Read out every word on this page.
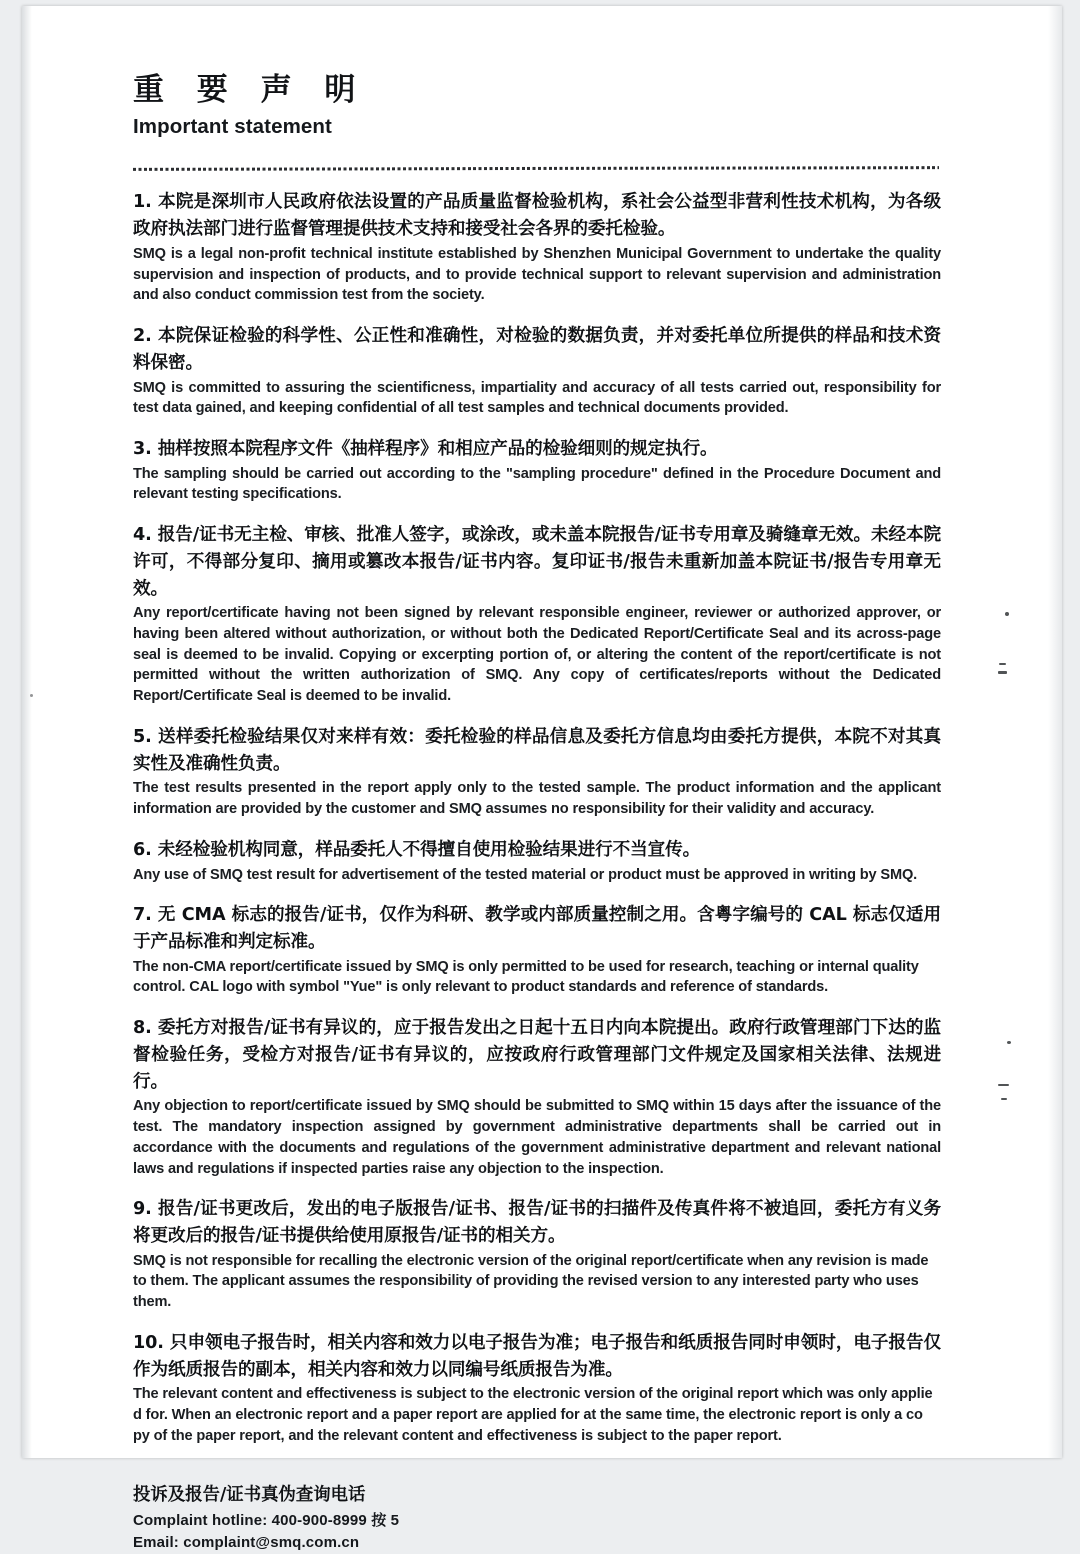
重 要 声 明
Important statement

1. 本院是深圳市人民政府依法设置的产品质量监督检验机构，系社会公益型非营利性技术机构，为各级政府执法部门进行监督管理提供技术支持和接受社会各界的委托检验。

SMQ is a legal non-profit technical institute established by Shenzhen Municipal Government to undertake the quality supervision and inspection of products, and to provide technical support to relevant supervision and administration and also conduct commission test from the society.

2. 本院保证检验的科学性、公正性和准确性，对检验的数据负责，并对委托单位所提供的样品和技术资料保密。

SMQ is committed to assuring the scientificness, impartiality and accuracy of all tests carried out, responsibility for test data gained, and keeping confidential of all test samples and technical documents provided.

3. 抽样按照本院程序文件《抽样程序》和相应产品的检验细则的规定执行。

The sampling should be carried out according to the "sampling procedure" defined in the Procedure Document and relevant testing specifications.

4. 报告/证书无主检、审核、批准人签字，或涂改，或未盖本院报告/证书专用章及骑缝章无效。未经本院许可，不得部分复印、摘用或篡改本报告/证书内容。复印证书/报告未重新加盖本院证书/报告专用章无效。

Any report/certificate having not been signed by relevant responsible engineer, reviewer or authorized approver, or having been altered without authorization, or without both the Dedicated Report/Certificate Seal and its across-page seal is deemed to be invalid. Copying or excerpting portion of, or altering the content of the report/certificate is not permitted without the written authorization of SMQ. Any copy of certificates/reports without the Dedicated Report/Certificate Seal is deemed to be invalid.

5. 送样委托检验结果仅对来样有效：委托检验的样品信息及委托方信息均由委托方提供，本院不对其真实性及准确性负责。

The test results presented in the report apply only to the tested sample. The product information and the applicant information are provided by the customer and SMQ assumes no responsibility for their validity and accuracy.

6. 未经检验机构同意，样品委托人不得擅自使用检验结果进行不当宣传。

Any use of SMQ test result for advertisement of the tested material or product must be approved in writing by SMQ.

7. 无 CMA 标志的报告/证书，仅作为科研、教学或内部质量控制之用。含粤字编号的 CAL 标志仅适用于产品标准和判定标准。

The non-CMA report/certificate issued by SMQ is only permitted to be used for research, teaching or internal quality control. CAL logo with symbol "Yue" is only relevant to product standards and reference of standards.

8. 委托方对报告/证书有异议的，应于报告发出之日起十五日内向本院提出。政府行政管理部门下达的监督检验任务，受检方对报告/证书有异议的，应按政府行政管理部门文件规定及国家相关法律、法规进行。

Any objection to report/certificate issued by SMQ should be submitted to SMQ within 15 days after the issuance of the test. The mandatory inspection assigned by government administrative departments shall be carried out in accordance with the documents and regulations of the government administrative department and relevant national laws and regulations if inspected parties raise any objection to the inspection.

9. 报告/证书更改后，发出的电子版报告/证书、报告/证书的扫描件及传真件将不被追回，委托方有义务将更改后的报告/证书提供给使用原报告/证书的相关方。

SMQ is not responsible for recalling the electronic version of the original report/certificate when any revision is made to them. The applicant assumes the responsibility of providing the revised version to any interested party who uses them.

10. 只申领电子报告时，相关内容和效力以电子报告为准；电子报告和纸质报告同时申领时，电子报告仅作为纸质报告的副本，相关内容和效力以同编号纸质报告为准。

The relevant content and effectiveness is subject to the electronic version of the original report which was only applie d for. When an electronic report and a paper report are applied for at the same time, the electronic report is only a co py of the paper report, and the relevant content and effectiveness is subject to the paper report.

投诉及报告/证书真伪查询电话

Complaint hotline: 400-900-8999 按 5

Email: complaint@smq.com.cn
